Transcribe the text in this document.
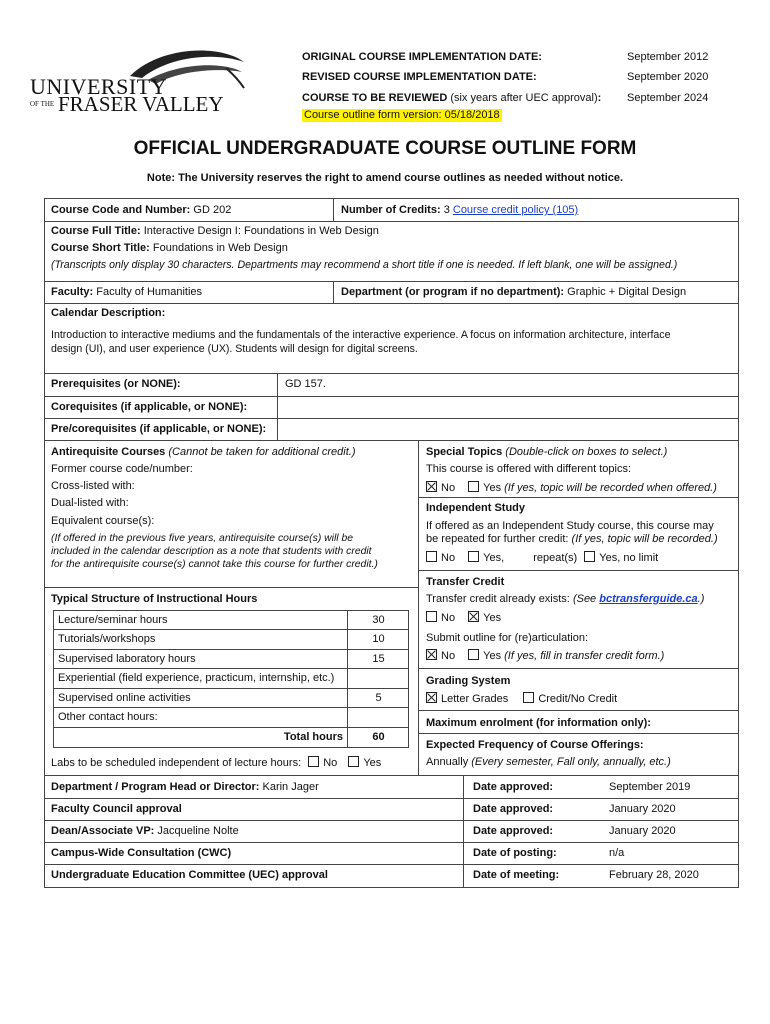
UNIVERSITY
OF THE FRASER VALLEY
ORIGINAL COURSE IMPLEMENTATION DATE:	September 2012
REVISED COURSE IMPLEMENTATION DATE:	September 2020
COURSE TO BE REVIEWED (six years after UEC approval): September 2024
Course outline form version: 05/18/2018
OFFICIAL UNDERGRADUATE COURSE OUTLINE FORM
Note: The University reserves the right to amend course outlines as needed without notice.
Course Code and Number: GD 202	Number of Credits: 3 Course credit policy (105)
Course Full Title: Interactive Design I: Foundations in Web Design
Course Short Title: Foundations in Web Design
(Transcripts only display 30 characters. Departments may recommend a short title if one is needed. If left blank, one will be assigned.)
Faculty: Faculty of Humanities	Department (or program if no department): Graphic + Digital Design
Calendar Description:
Introduction to interactive mediums and the fundamentals of the interactive experience. A focus on information architecture, interface
design (UI), and user experience (UX). Students will design for digital screens.
Prerequisites (or NONE):	GD 157.
Corequisites (if applicable, or NONE):
Pre/corequisites (if applicable, or NONE):
Antirequisite Courses (Cannot be taken for additional credit.)
Former course code/number:
Cross-listed with:
Dual-listed with:
Equivalent course(s):
(If offered in the previous five years, antirequisite course(s) will be
included in the calendar description as a note that students with credit
for the antirequisite course(s) cannot take this course for further credit.)
Typical Structure of Instructional Hours
Lecture/seminar hours	30
Tutorials/workshops	10
Supervised laboratory hours	15
Experiential (field experience, practicum, internship, etc.)
Supervised online activities	5
Other contact hours:
Total hours	60
Labs to be scheduled independent of lecture hours: No Yes
Special Topics (Double-click on boxes to select.)
This course is offered with different topics:
No	Yes (If yes, topic will be recorded when offered.)
Independent Study
If offered as an Independent Study course, this course may
be repeated for further credit: (If yes, topic will be recorded.)
No	Yes,	repeat(s) Yes, no limit
Transfer Credit
Transfer credit already exists: (See bctransferguide.ca.)
No	Yes
Submit outline for (re)articulation:
No	Yes (If yes, fill in transfer credit form.)
Grading System
Letter Grades	Credit/No Credit
Maximum enrolment (for information only):
Expected Frequency of Course Offerings:
Annually (Every semester, Fall only, annually, etc.)
Department / Program Head or Director: Karin Jager	Date approved:	September 2019
Faculty Council approval	Date approved:	January 2020
Dean/Associate VP: Jacqueline Nolte	Date approved:	January 2020
Campus-Wide Consultation (CWC)	Date of posting:	n/a
Undergraduate Education Committee (UEC) approval	Date of meeting:	February 28, 2020
